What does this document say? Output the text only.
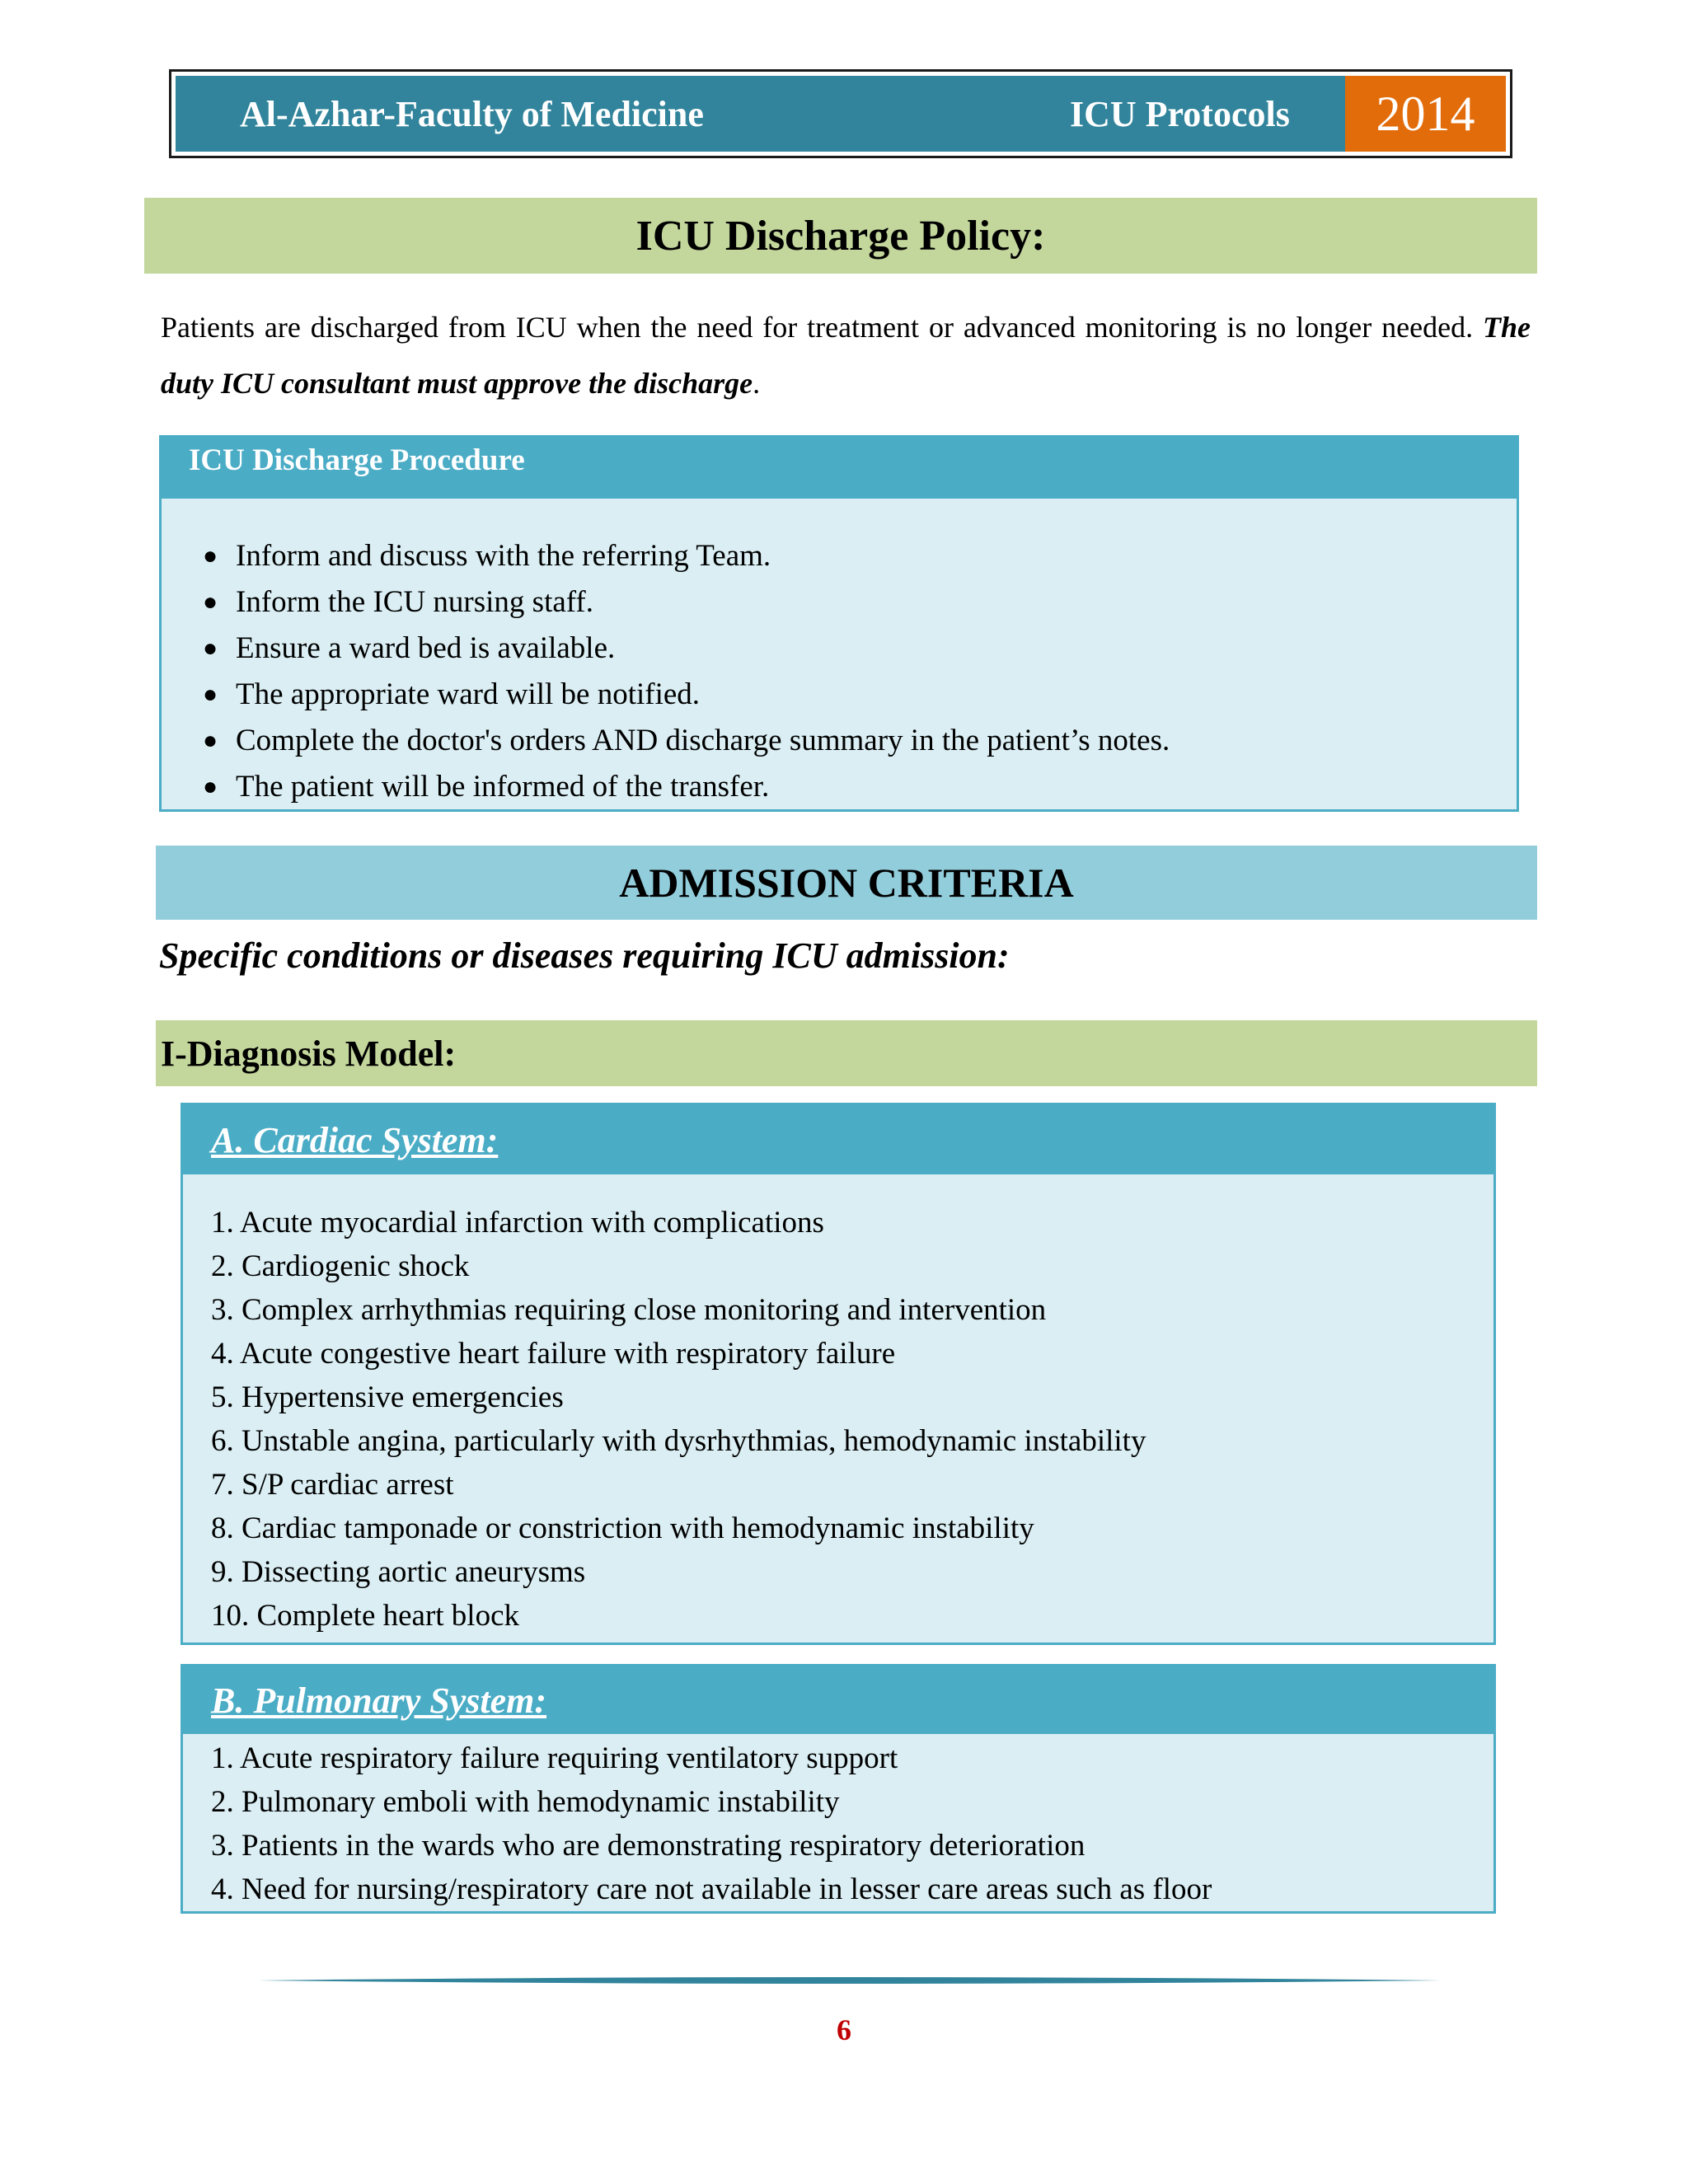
Al-Azhar-Faculty of Medicine	ICU Protocols	2014
ICU Discharge Policy:

Patients are discharged from ICU when the need for treatment or advanced monitoring is no longer needed. The duty ICU consultant must approve the discharge.

ICU Discharge Procedure
● Inform and discuss with the referring Team.
● Inform the ICU nursing staff.
● Ensure a ward bed is available.
● The appropriate ward will be notified.
● Complete the doctor's orders AND discharge summary in the patient’s notes.
● The patient will be informed of the transfer.
ADMISSION CRITERIA
Specific conditions or diseases requiring ICU admission:
I-Diagnosis Model:
A. Cardiac System:
1. Acute myocardial infarction with complications
2. Cardiogenic shock
3. Complex arrhythmias requiring close monitoring and intervention
4. Acute congestive heart failure with respiratory failure
5. Hypertensive emergencies
6. Unstable angina, particularly with dysrhythmias, hemodynamic instability
7. S/P cardiac arrest
8. Cardiac tamponade or constriction with hemodynamic instability
9. Dissecting aortic aneurysms
10. Complete heart block
B. Pulmonary System:
1. Acute respiratory failure requiring ventilatory support
2. Pulmonary emboli with hemodynamic instability
3. Patients in the wards who are demonstrating respiratory deterioration
4. Need for nursing/respiratory care not available in lesser care areas such as floor
6
